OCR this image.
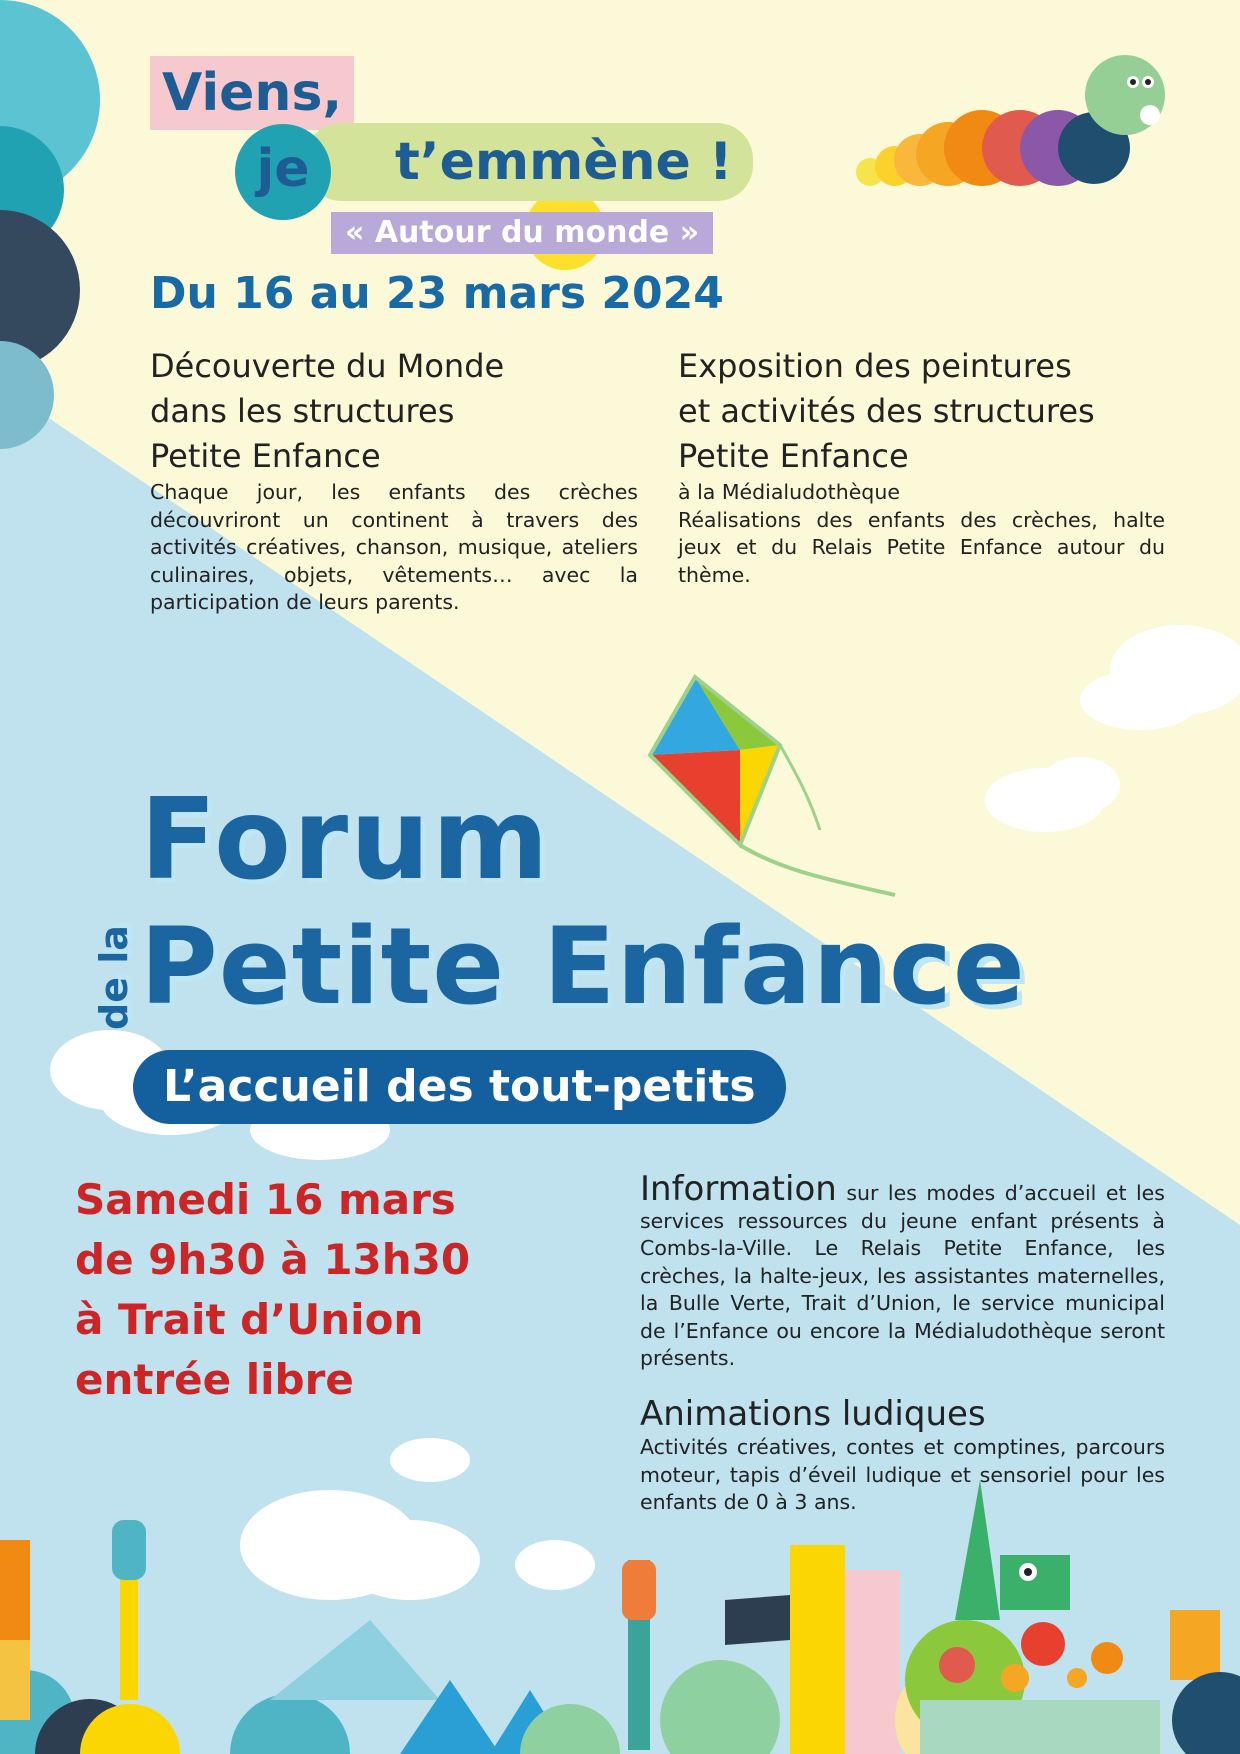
Viens,
t’emmène !
je
« Autour du monde »
Du 16 au 23 mars 2024
Découverte du Monde
dans les structures
Petite Enfance
Chaque jour, les enfants des crèches découvriront un continent à travers des activités créatives, chanson, musique, ateliers culinaires, objets, vêtements… avec la participation de leurs parents.
Exposition des peintures
et activités des structures
Petite Enfance
à la Médialudothèque
Réalisations des enfants des crèches, halte jeux et du Relais Petite Enfance autour du thème.
Forum
de la Petite Enfance
L’accueil des tout-petits
Samedi 16 mars
de 9h30 à 13h30
à Trait d’Union
entrée libre
Information sur les modes d’accueil et les services ressources du jeune enfant présents à Combs-la-Ville. Le Relais Petite Enfance, les crèches, la halte-jeux, les assistantes maternelles, la Bulle Verte, Trait d’Union, le service municipal de l’Enfance ou encore la Médialudothèque seront présents.
Animations ludiques
Activités créatives, contes et comptines, parcours moteur, tapis d’éveil ludique et sensoriel pour les enfants de 0 à 3 ans.
